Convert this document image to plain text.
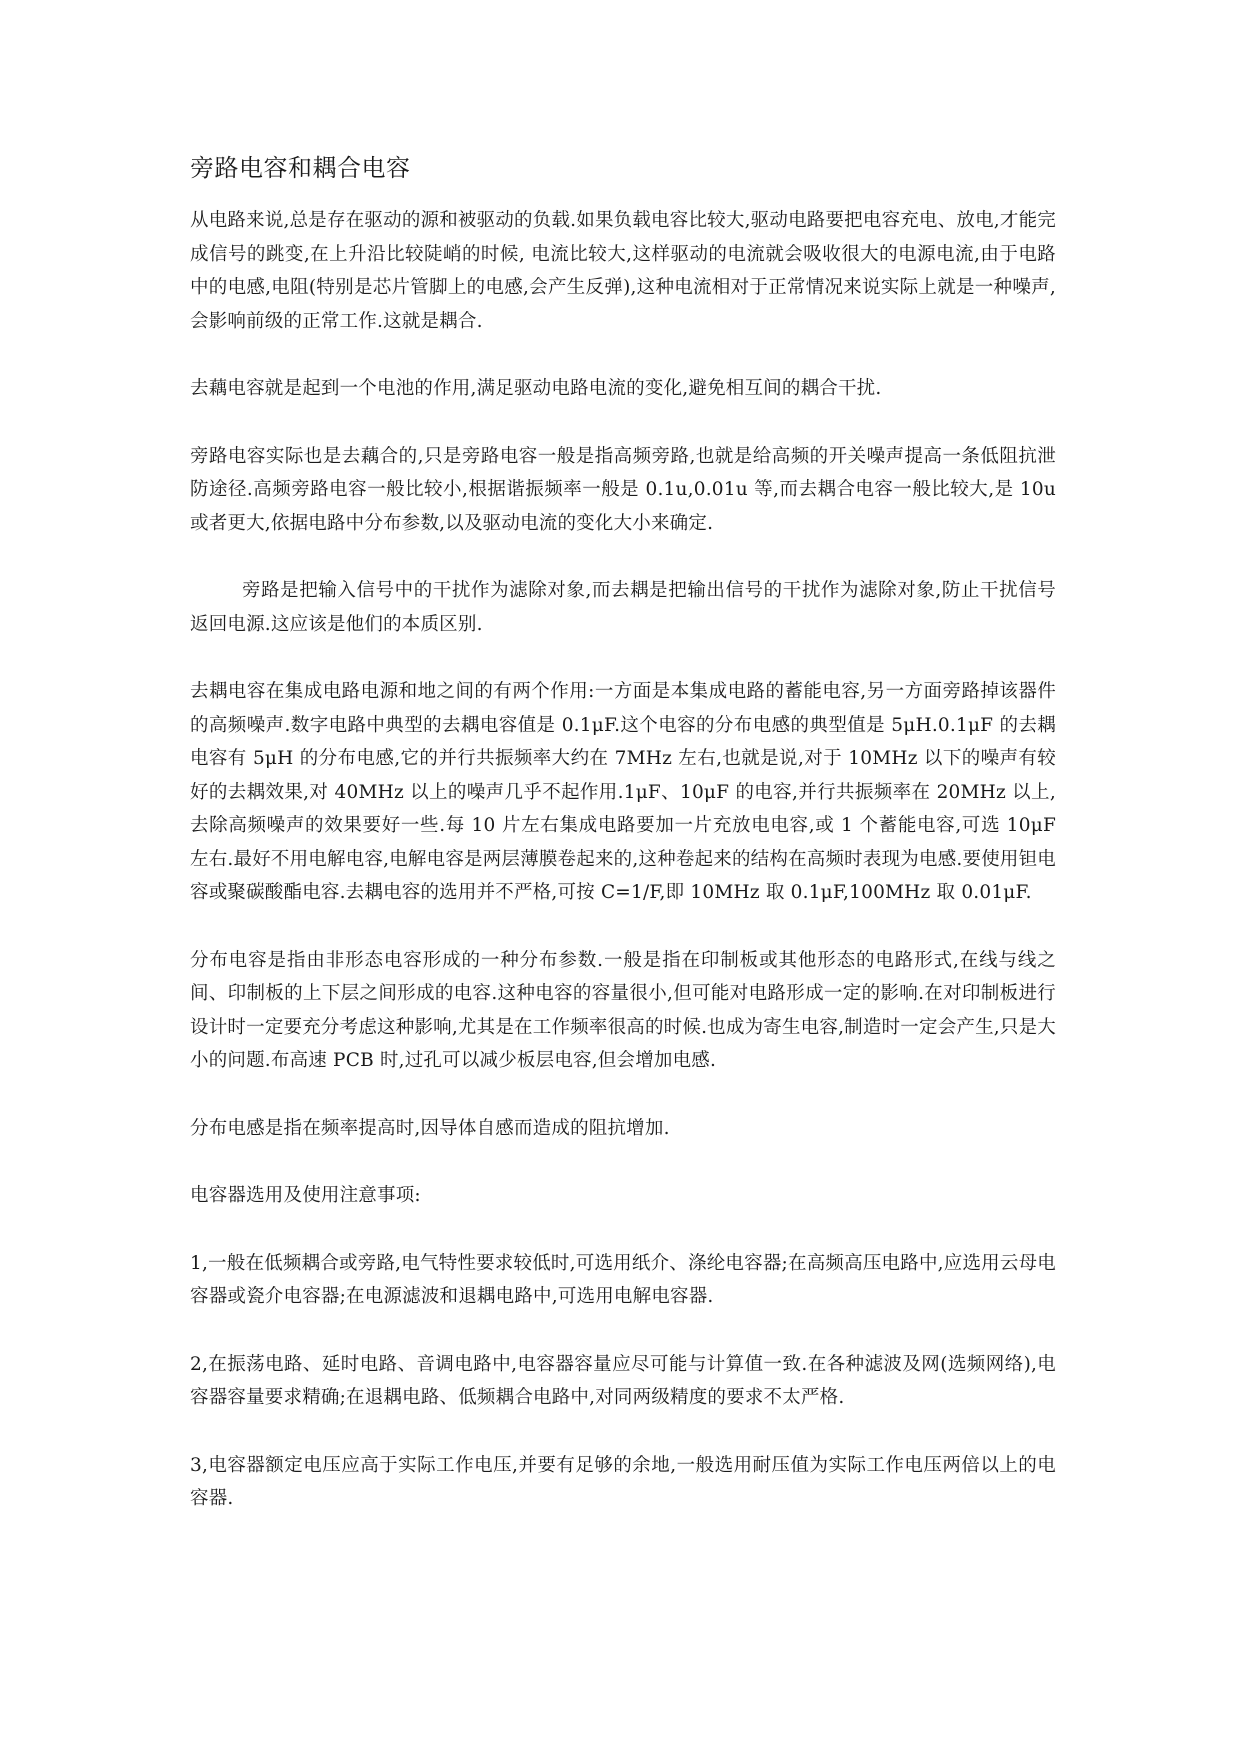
旁路电容和耦合电容

从电路来说,总是存在驱动的源和被驱动的负载.如果负载电容比较大,驱动电路要把电容充电、放电,才能完成信号的跳变,在上升沿比较陡峭的时候, 电流比较大,这样驱动的电流就会吸收很大的电源电流,由于电路中的电感,电阻(特别是芯片管脚上的电感,会产生反弹),这种电流相对于正常情况来说实际上就是一种噪声,会影响前级的正常工作.这就是耦合.

去藕电容就是起到一个电池的作用,满足驱动电路电流的变化,避免相互间的耦合干扰.

旁路电容实际也是去藕合的,只是旁路电容一般是指高频旁路,也就是给高频的开关噪声提高一条低阻抗泄防途径.高频旁路电容一般比较小,根据谐振频率一般是 0.1u,0.01u 等,而去耦合电容一般比较大,是 10u 或者更大,依据电路中分布参数,以及驱动电流的变化大小来确定.

旁路是把输入信号中的干扰作为滤除对象,而去耦是把输出信号的干扰作为滤除对象,防止干扰信号返回电源.这应该是他们的本质区别.

去耦电容在集成电路电源和地之间的有两个作用:一方面是本集成电路的蓄能电容,另一方面旁路掉该器件的高频噪声.数字电路中典型的去耦电容值是 0.1μF.这个电容的分布电感的典型值是 5μH.0.1μF 的去耦电容有 5μH 的分布电感,它的并行共振频率大约在 7MHz 左右,也就是说,对于 10MHz 以下的噪声有较好的去耦效果,对 40MHz 以上的噪声几乎不起作用.1μF、10μF 的电容,并行共振频率在 20MHz 以上,去除高频噪声的效果要好一些.每 10 片左右集成电路要加一片充放电电容,或 1 个蓄能电容,可选 10μF 左右.最好不用电解电容,电解电容是两层薄膜卷起来的,这种卷起来的结构在高频时表现为电感.要使用钽电容或聚碳酸酯电容.去耦电容的选用并不严格,可按 C=1/F,即 10MHz 取 0.1μF,100MHz 取 0.01μF.

分布电容是指由非形态电容形成的一种分布参数.一般是指在印制板或其他形态的电路形式,在线与线之间、印制板的上下层之间形成的电容.这种电容的容量很小,但可能对电路形成一定的影响.在对印制板进行设计时一定要充分考虑这种影响,尤其是在工作频率很高的时候.也成为寄生电容,制造时一定会产生,只是大小的问题.布高速 PCB 时,过孔可以减少板层电容,但会增加电感.

分布电感是指在频率提高时,因导体自感而造成的阻抗增加.

电容器选用及使用注意事项:

1,一般在低频耦合或旁路,电气特性要求较低时,可选用纸介、涤纶电容器;在高频高压电路中,应选用云母电容器或瓷介电容器;在电源滤波和退耦电路中,可选用电解电容器.

2,在振荡电路、延时电路、音调电路中,电容器容量应尽可能与计算值一致.在各种滤波及网(选频网络),电容器容量要求精确;在退耦电路、低频耦合电路中,对同两级精度的要求不太严格.

3,电容器额定电压应高于实际工作电压,并要有足够的余地,一般选用耐压值为实际工作电压两倍以上的电容器.
